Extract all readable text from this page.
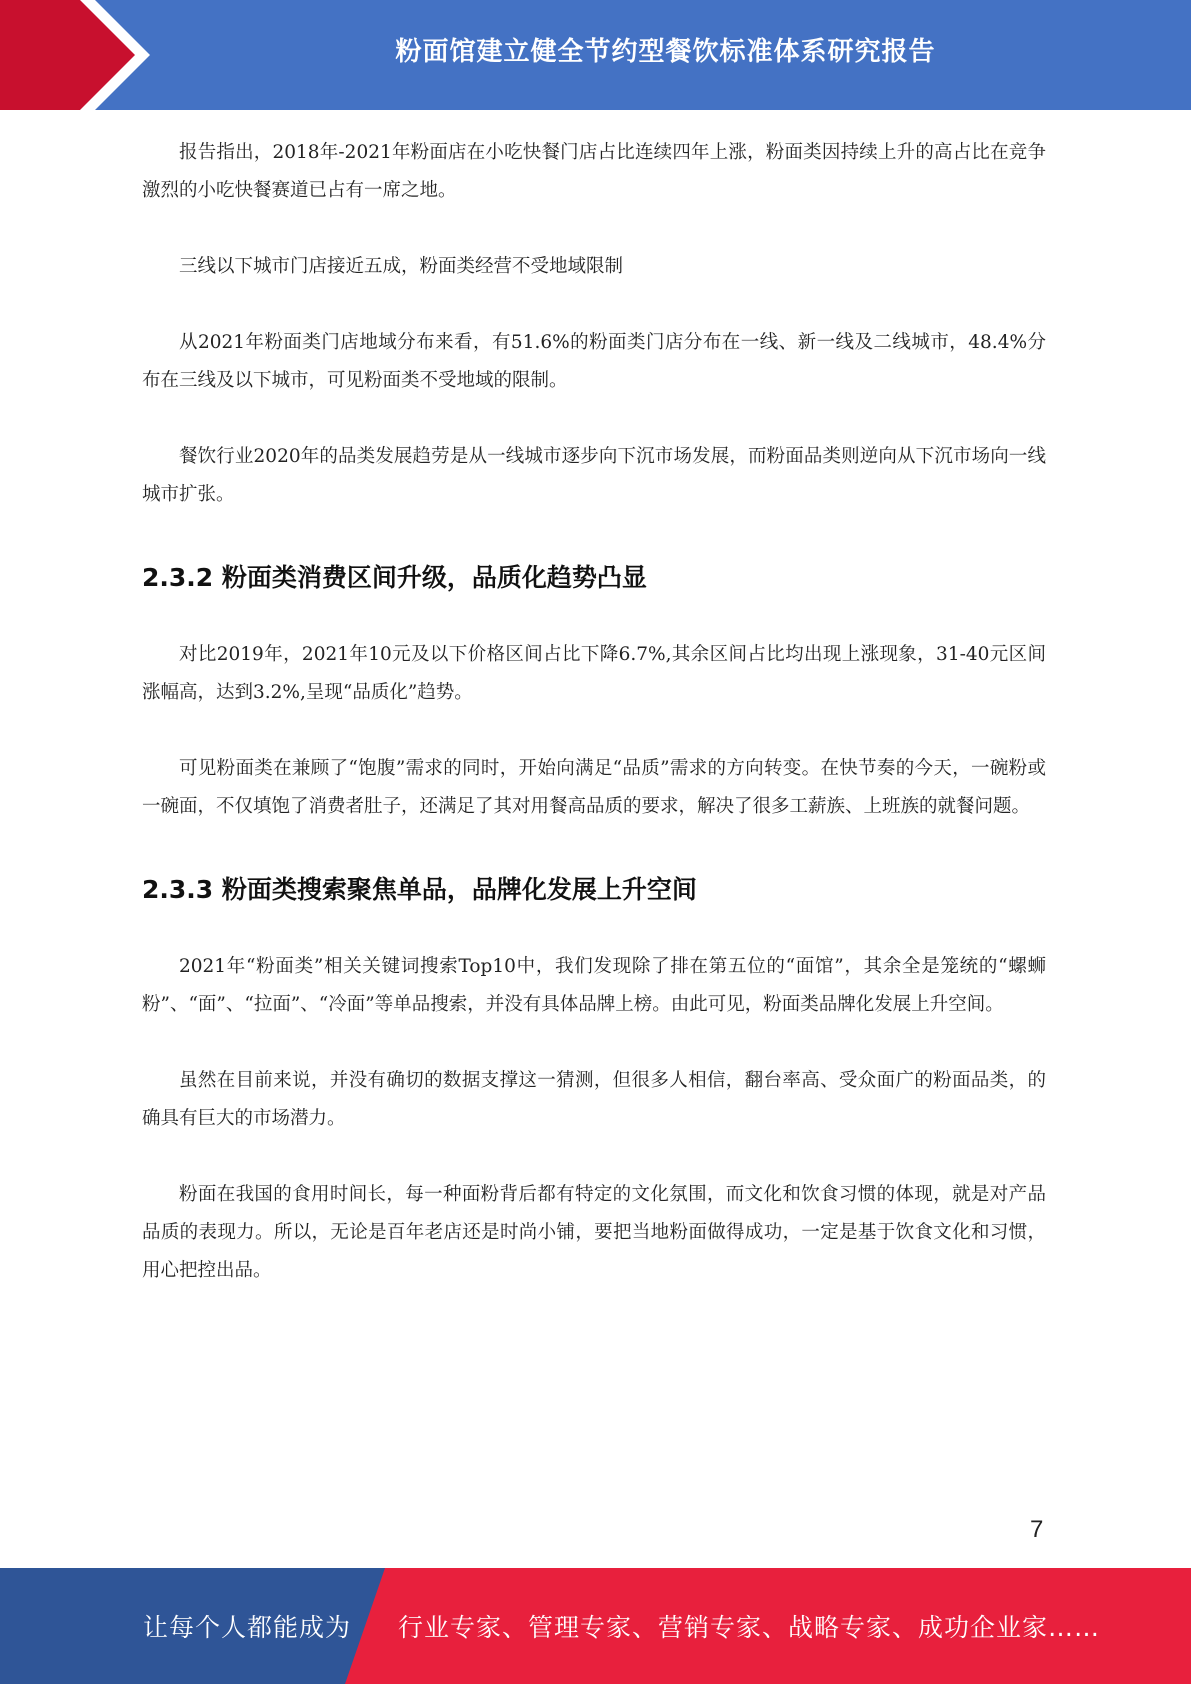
粉面馆建立健全节约型餐饮标准体系研究报告

报告指出，2018年-2021年粉面店在小吃快餐门店占比连续四年上涨，粉面类因持续上升的高占比在竞争激烈的小吃快餐赛道已占有一席之地。

三线以下城市门店接近五成，粉面类经营不受地域限制

从2021年粉面类门店地域分布来看，有51.6%的粉面类门店分布在一线、新一线及二线城市，48.4%分布在三线及以下城市，可见粉面类不受地域的限制。

餐饮行业2020年的品类发展趋劳是从一线城市逐步向下沉市场发展，而粉面品类则逆向从下沉市场向一线城市扩张。

2.3.2 粉面类消费区间升级，品质化趋势凸显

对比2019年，2021年10元及以下价格区间占比下降6.7%,其余区间占比均出现上涨现象，31-40元区间涨幅高，达到3.2%,呈现“品质化”趋势。

可见粉面类在兼顾了“饱腹”需求的同时，开始向满足“品质”需求的方向转变。在快节奏的今天，一碗粉或一碗面，不仅填饱了消费者肚子，还满足了其对用餐高品质的要求，解决了很多工薪族、上班族的就餐问题。

2.3.3 粉面类搜索聚焦单品，品牌化发展上升空间

2021年“粉面类”相关关键词搜索Top10中，我们发现除了排在第五位的“面馆”，其余全是笼统的“螺蛳粉”、“面”、“拉面”、“冷面”等单品搜索，并没有具体品牌上榜。由此可见，粉面类品牌化发展上升空间。

虽然在目前来说，并没有确切的数据支撑这一猜测，但很多人相信，翻台率高、受众面广的粉面品类，的确具有巨大的市场潜力。

粉面在我国的食用时间长，每一种面粉背后都有特定的文化氛围，而文化和饮食习惯的体现，就是对产品品质的表现力。所以，无论是百年老店还是时尚小铺，要把当地粉面做得成功，一定是基于饮食文化和习惯，用心把控出品。

7
让每个人都能成为 行业专家、管理专家、营销专家、战略专家、成功企业家……
